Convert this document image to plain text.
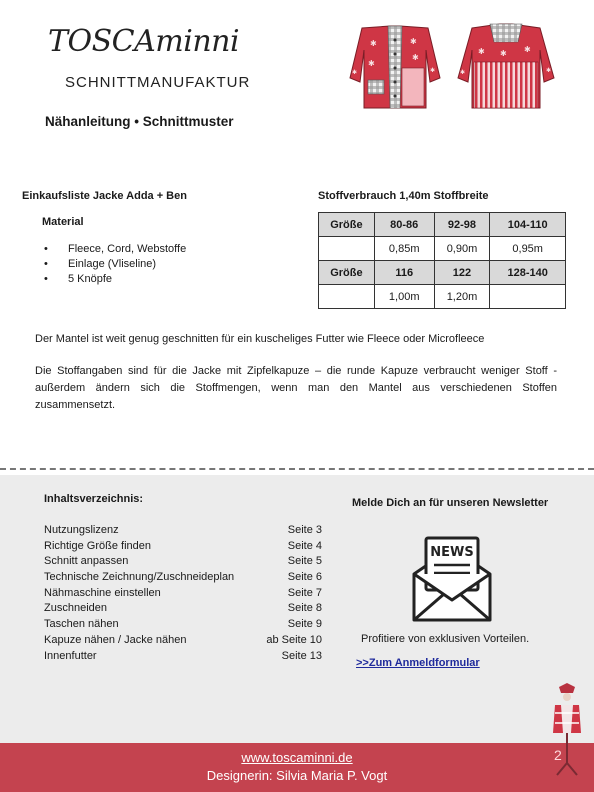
TOSCAminni
SCHNITTMANUFAKTUR
✱	✱
✱
✱
✱	✱
✱ ✱ ✱
✱	✱
Nähanleitung • Schnittmuster
Einkaufsliste Jacke Adda + Ben
Material
• Fleece, Cord, Webstoffe
• Einlage (Vliseline)
• 5 Knöpfe
Stoffverbrauch 1,40m Stoffbreite
Größe	80-86	92-98	104-110
	0,85m	0,90m	0,95m
Größe	116	122	128-140
	1,00m	1,20m	
Der Mantel ist weit genug geschnitten für ein kuscheliges Futter wie Fleece oder Microfleece
Die Stoffangaben sind für die Jacke mit Zipfelkapuze – die runde Kapuze verbraucht weniger Stoff - außerdem ändern sich die Stoffmengen, wenn man den Mantel aus verschiedenen Stoffen zusammensetzt.
Inhaltsverzeichnis:
Nutzungslizenz	Seite 3
Richtige Größe finden	Seite 4
Schnitt anpassen	Seite 5
Technische Zeichnung/Zuschneideplan	Seite 6
Nähmaschine einstellen	Seite 7
Zuschneiden	Seite 8
Taschen nähen	Seite 9
Kapuze nähen / Jacke nähen	ab Seite 10
Innenfutter	Seite 13
Melde Dich an für unseren Newsletter
NEWS
Profitiere von exklusiven Vorteilen.
>>Zum Anmeldformular
www.toscaminni.de
Designerin: Silvia Maria P. Vogt
2
